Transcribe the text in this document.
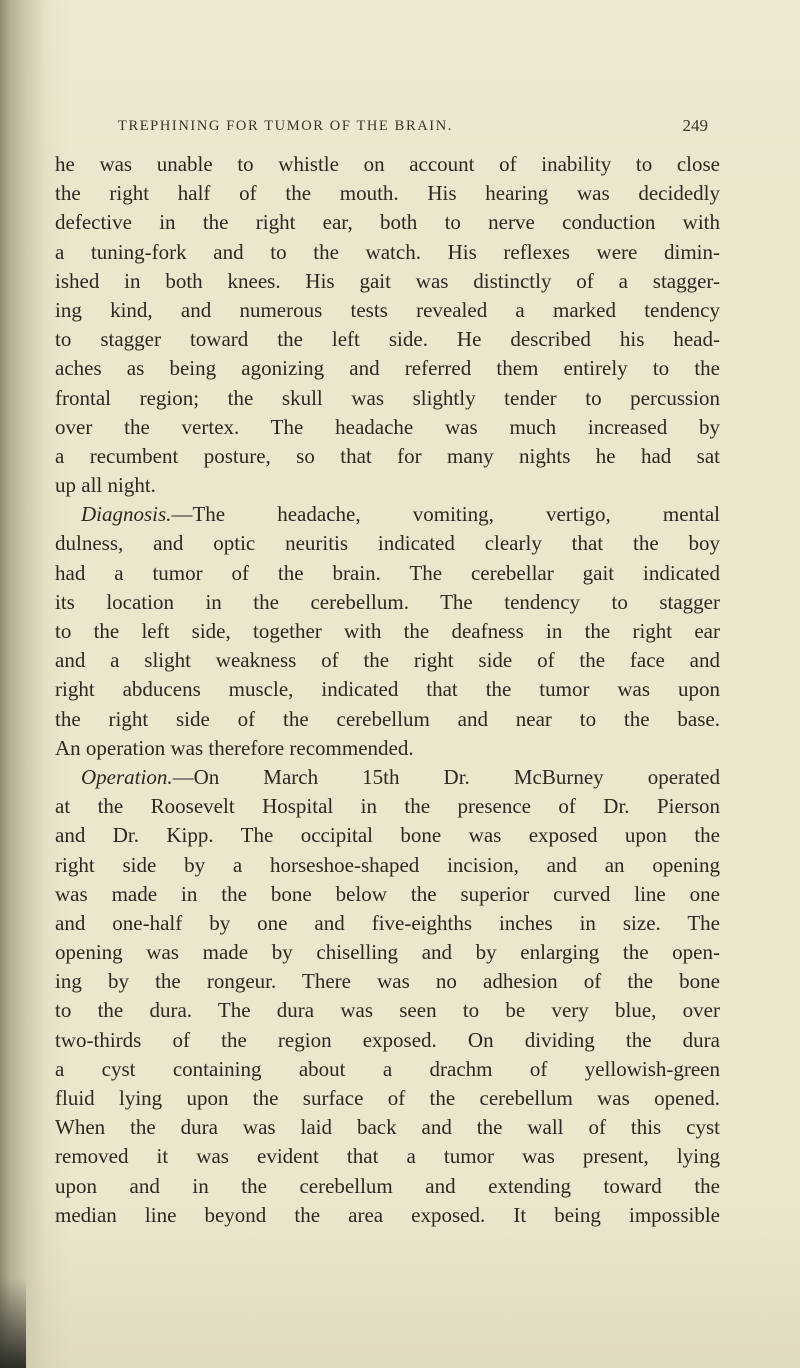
TREPHINING FOR TUMOR OF THE BRAIN.	249
he was unable to whistle on account of inability to close
the right half of the mouth. His hearing was decidedly
defective in the right ear, both to nerve conduction with
a tuning-fork and to the watch. His reflexes were dimin-
ished in both knees. His gait was distinctly of a stagger-
ing kind, and numerous tests revealed a marked tendency
to stagger toward the left side. He described his head-
aches as being agonizing and referred them entirely to the
frontal region; the skull was slightly tender to percussion
over the vertex. The headache was much increased by
a recumbent posture, so that for many nights he had sat
up all night.
Diagnosis.—The headache, vomiting, vertigo, mental
dulness, and optic neuritis indicated clearly that the boy
had a tumor of the brain. The cerebellar gait indicated
its location in the cerebellum. The tendency to stagger
to the left side, together with the deafness in the right ear
and a slight weakness of the right side of the face and
right abducens muscle, indicated that the tumor was upon
the right side of the cerebellum and near to the base.
An operation was therefore recommended.
Operation.—On March 15th Dr. McBurney operated
at the Roosevelt Hospital in the presence of Dr. Pierson
and Dr. Kipp. The occipital bone was exposed upon the
right side by a horseshoe-shaped incision, and an opening
was made in the bone below the superior curved line one
and one-half by one and five-eighths inches in size. The
opening was made by chiselling and by enlarging the open-
ing by the rongeur. There was no adhesion of the bone
to the dura. The dura was seen to be very blue, over
two-thirds of the region exposed. On dividing the dura
a cyst containing about a drachm of yellowish-green
fluid lying upon the surface of the cerebellum was opened.
When the dura was laid back and the wall of this cyst
removed it was evident that a tumor was present, lying
upon and in the cerebellum and extending toward the
median line beyond the area exposed. It being impossible
